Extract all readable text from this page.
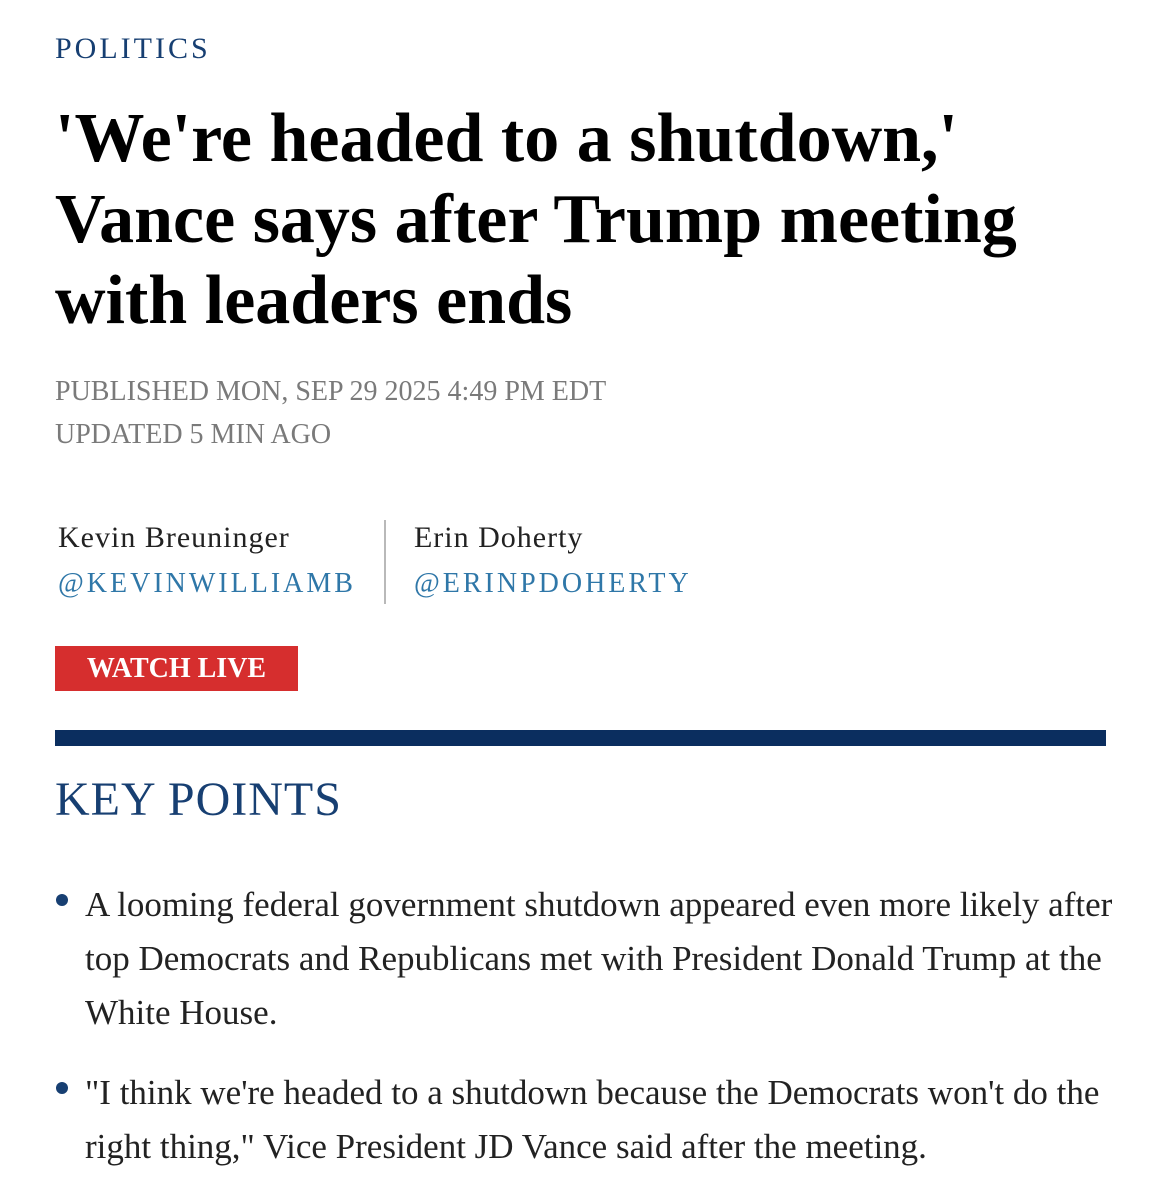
POLITICS
'We're headed to a shutdown,' Vance says after Trump meeting with leaders ends
PUBLISHED MON, SEP 29 2025 4:49 PM EDT
UPDATED 5 MIN AGO
Kevin Breuninger
@KEVINWILLIAMB
Erin Doherty
@ERINPDOHERTY
WATCH LIVE
KEY POINTS
A looming federal government shutdown appeared even more likely after top Democrats and Republicans met with President Donald Trump at the White House.
"I think we're headed to a shutdown because the Democrats won't do the right thing," Vice President JD Vance said after the meeting.
